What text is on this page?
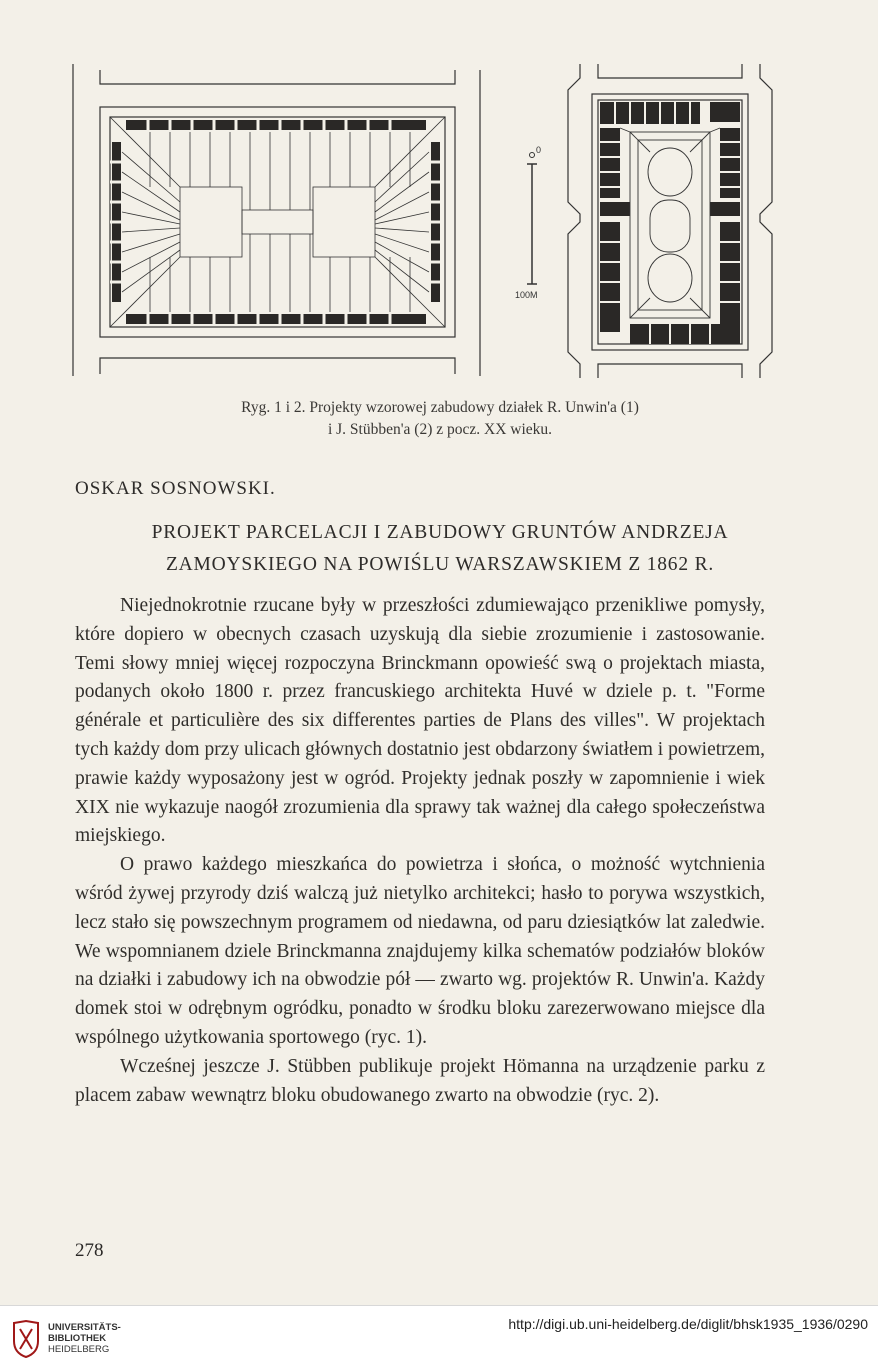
0
100M
Ryg. 1 i 2. Projekty wzorowej zabudowy działek R. Unwin'a (1)
i J. Stübben'a (2) z pocz. XX wieku.
OSKAR SOSNOWSKI.
PROJEKT PARCELACJI I ZABUDOWY GRUNTÓW ANDRZEJA
ZAMOYSKIEGO NA POWIŚLU WARSZAWSKIEM Z 1862 R.

Niejednokrotnie rzucane były w przeszłości zdumiewająco przenikliwe pomysły, które dopiero w obecnych czasach uzyskują dla siebie zrozumienie i zastosowanie. Temi słowy mniej więcej rozpoczyna Brinckmann opowieść swą o projektach miasta, podanych około 1800 r. przez francuskiego architekta Huvé w dziele p. t. "Forme générale et particulière des six differentes parties de Plans des villes". W projektach tych każdy dom przy ulicach głównych dostatnio jest obdarzony światłem i powietrzem, prawie każdy wyposażony jest w ogród. Projekty jednak poszły w zapomnienie i wiek XIX nie wykazuje naogół zrozumienia dla sprawy tak ważnej dla całego społeczeństwa miejskiego.

O prawo każdego mieszkańca do powietrza i słońca, o możność wytchnienia wśród żywej przyrody dziś walczą już nietylko architekci; hasło to porywa wszystkich, lecz stało się powszechnym programem od niedawna, od paru dziesiątków lat zaledwie. We wspomnianem dziele Brinckmanna znajdujemy kilka schematów podziałów bloków na działki i zabudowy ich na obwodzie pół — zwarto wg. projektów R. Unwin'a. Każdy domek stoi w odrębnym ogródku, ponadto w środku bloku zarezerwowano miejsce dla wspólnego użytkowania sportowego (ryc. 1).

Wcześnej jeszcze J. Stübben publikuje projekt Hömanna na urządzenie parku z placem zabaw wewnątrz bloku obudowanego zwarto na obwodzie (ryc. 2).

278
UNIVERSITÄTS-
BIBLIOTHEK
HEIDELBERG
http://digi.ub.uni-heidelberg.de/diglit/bhsk1935_1936/0290
